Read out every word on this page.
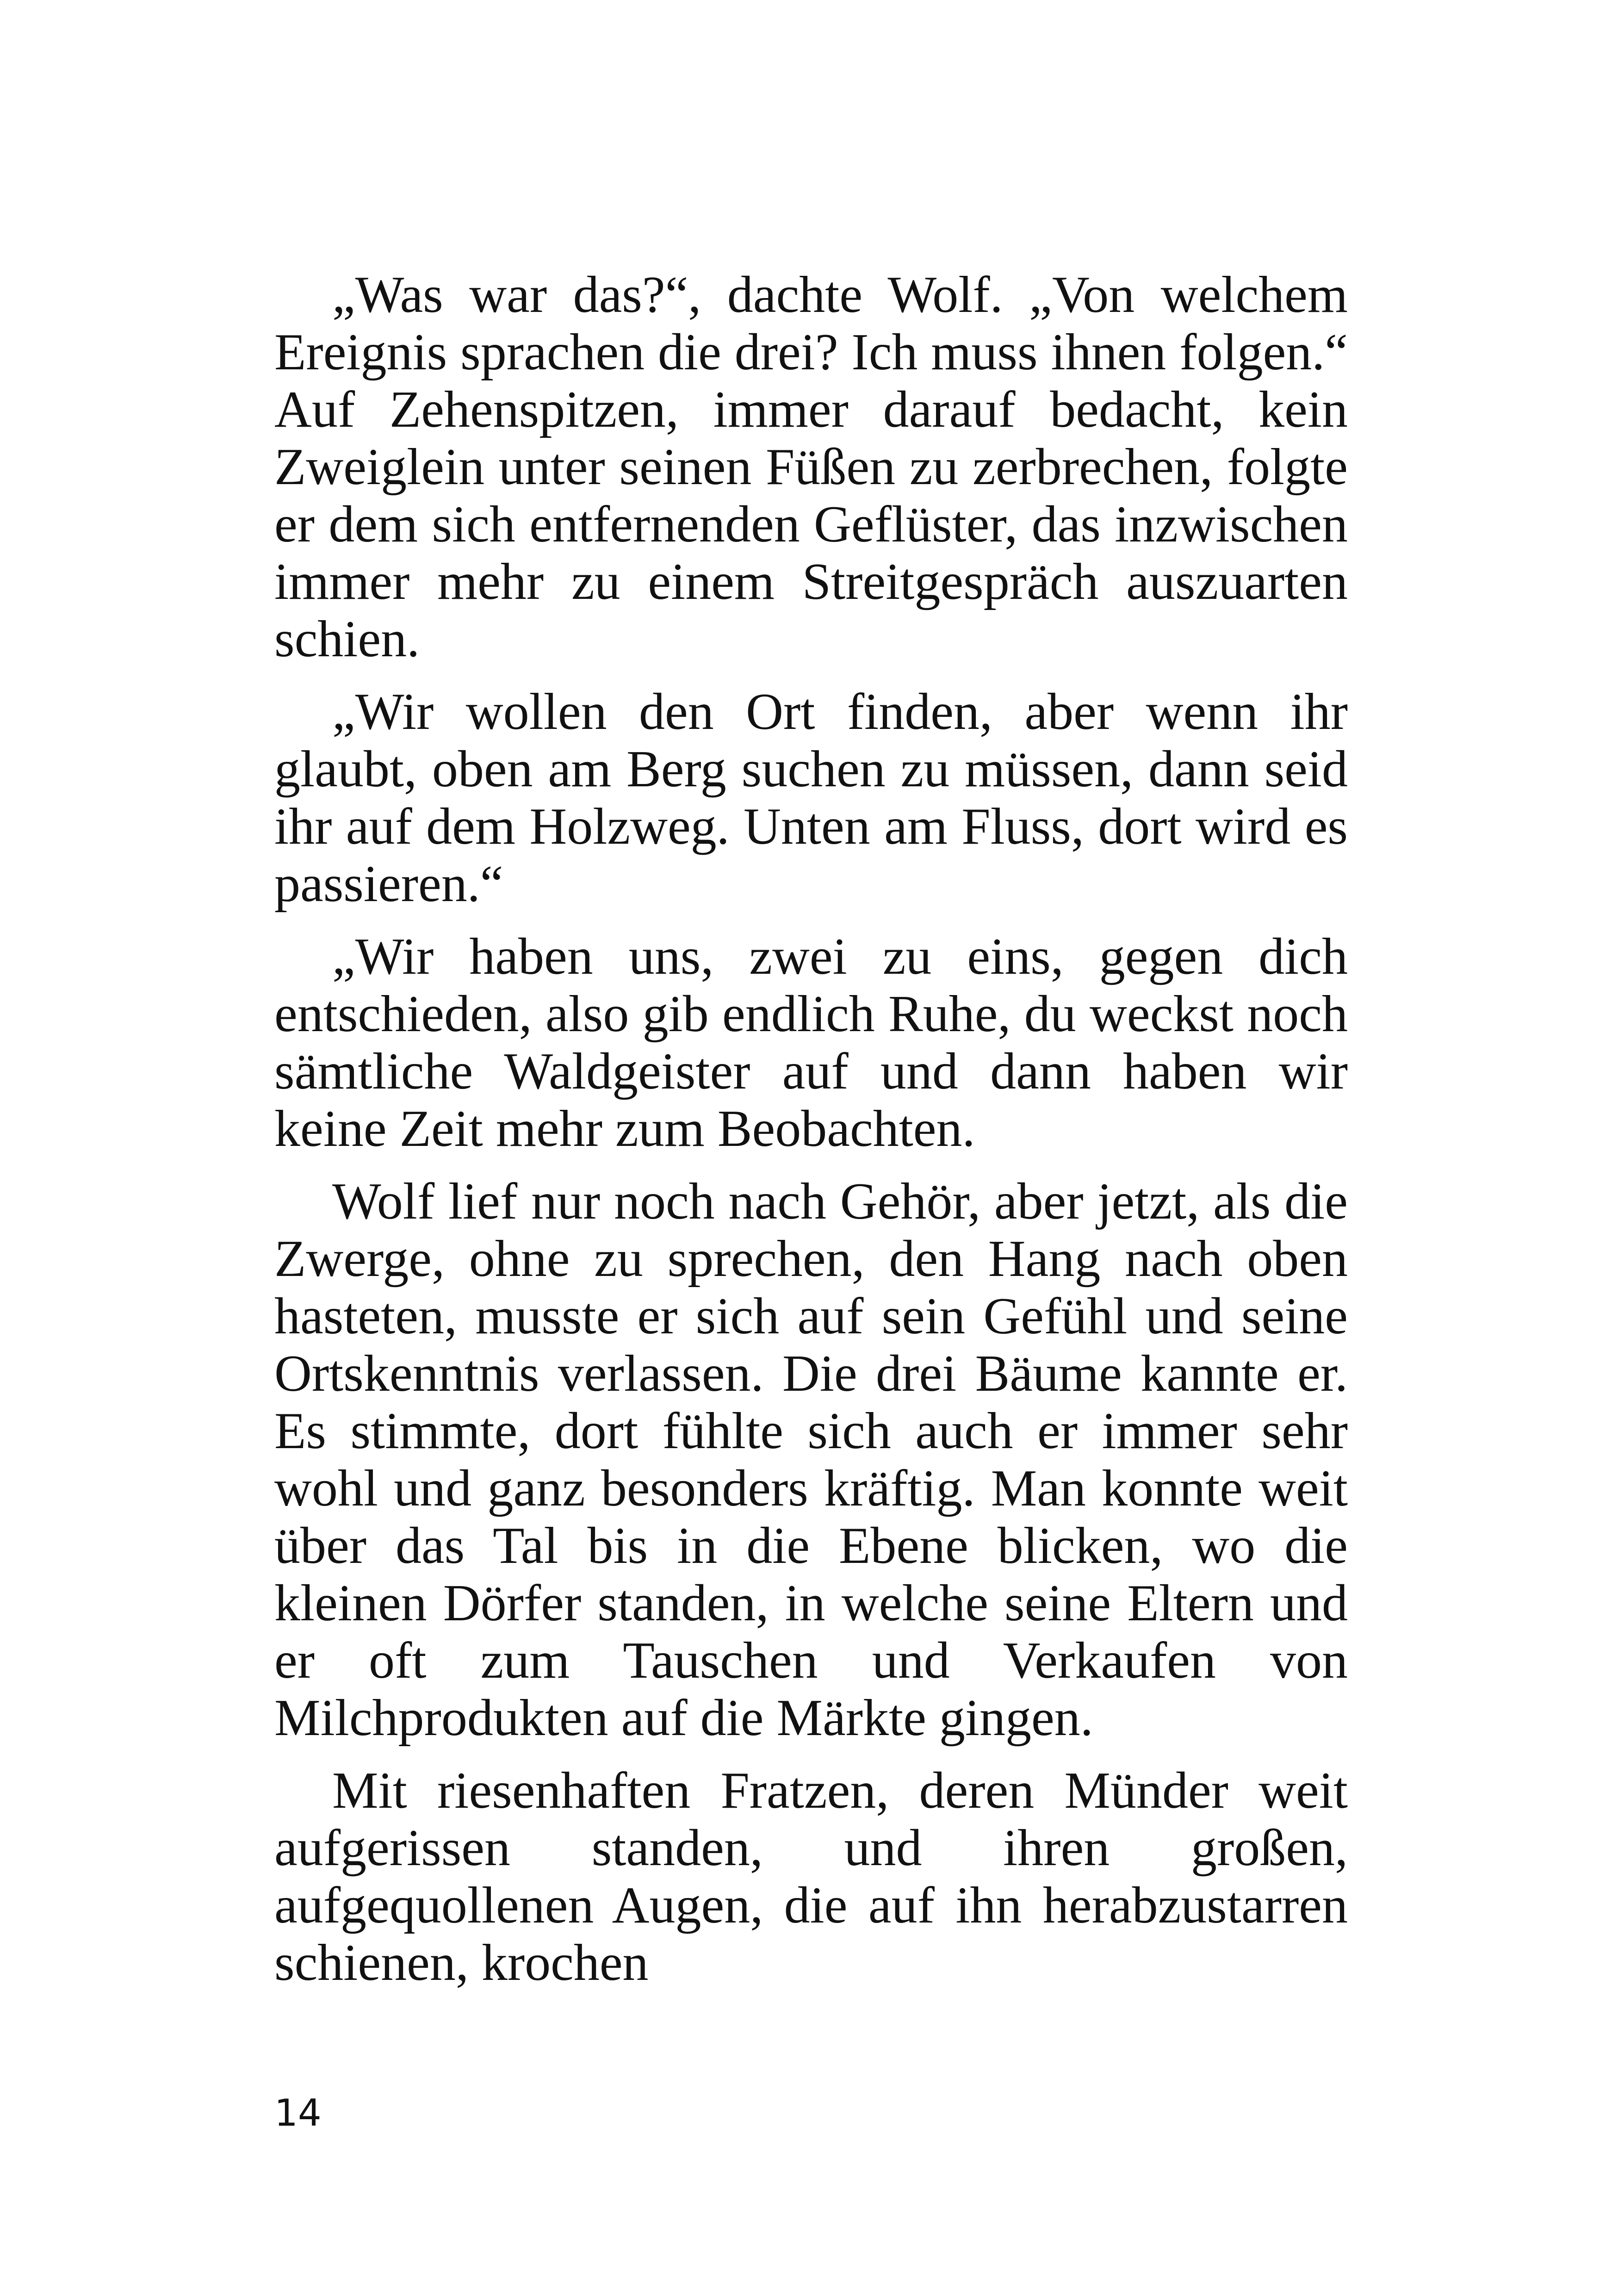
„Was war das?“, dachte Wolf. „Von welchem Ereignis sprachen die drei? Ich muss ihnen folgen.“ Auf Zehenspitzen, immer darauf bedacht, kein Zweiglein unter seinen Füßen zu zerbrechen, folgte er dem sich entfernenden Geflüster, das inzwischen immer mehr zu einem Streitgespräch auszuarten schien.

„Wir wollen den Ort finden, aber wenn ihr glaubt, oben am Berg suchen zu müssen, dann seid ihr auf dem Holzweg. Unten am Fluss, dort wird es passieren.“

„Wir haben uns, zwei zu eins, gegen dich entschieden, also gib endlich Ruhe, du weckst noch sämtliche Waldgeister auf und dann haben wir keine Zeit mehr zum Beobachten.

Wolf lief nur noch nach Gehör, aber jetzt, als die Zwerge, ohne zu sprechen, den Hang nach oben hasteten, musste er sich auf sein Gefühl und seine Ortskenntnis verlassen. Die drei Bäume kannte er. Es stimmte, dort fühlte sich auch er immer sehr wohl und ganz besonders kräftig. Man konnte weit über das Tal bis in die Ebene blicken, wo die kleinen Dörfer standen, in welche seine Eltern und er oft zum Tauschen und Verkaufen von Milchprodukten auf die Märkte gingen.

Mit riesenhaften Fratzen, deren Münder weit aufgerissen standen, und ihren großen, aufgequollenen Augen, die auf ihn herabzustarren schienen, krochen

14
